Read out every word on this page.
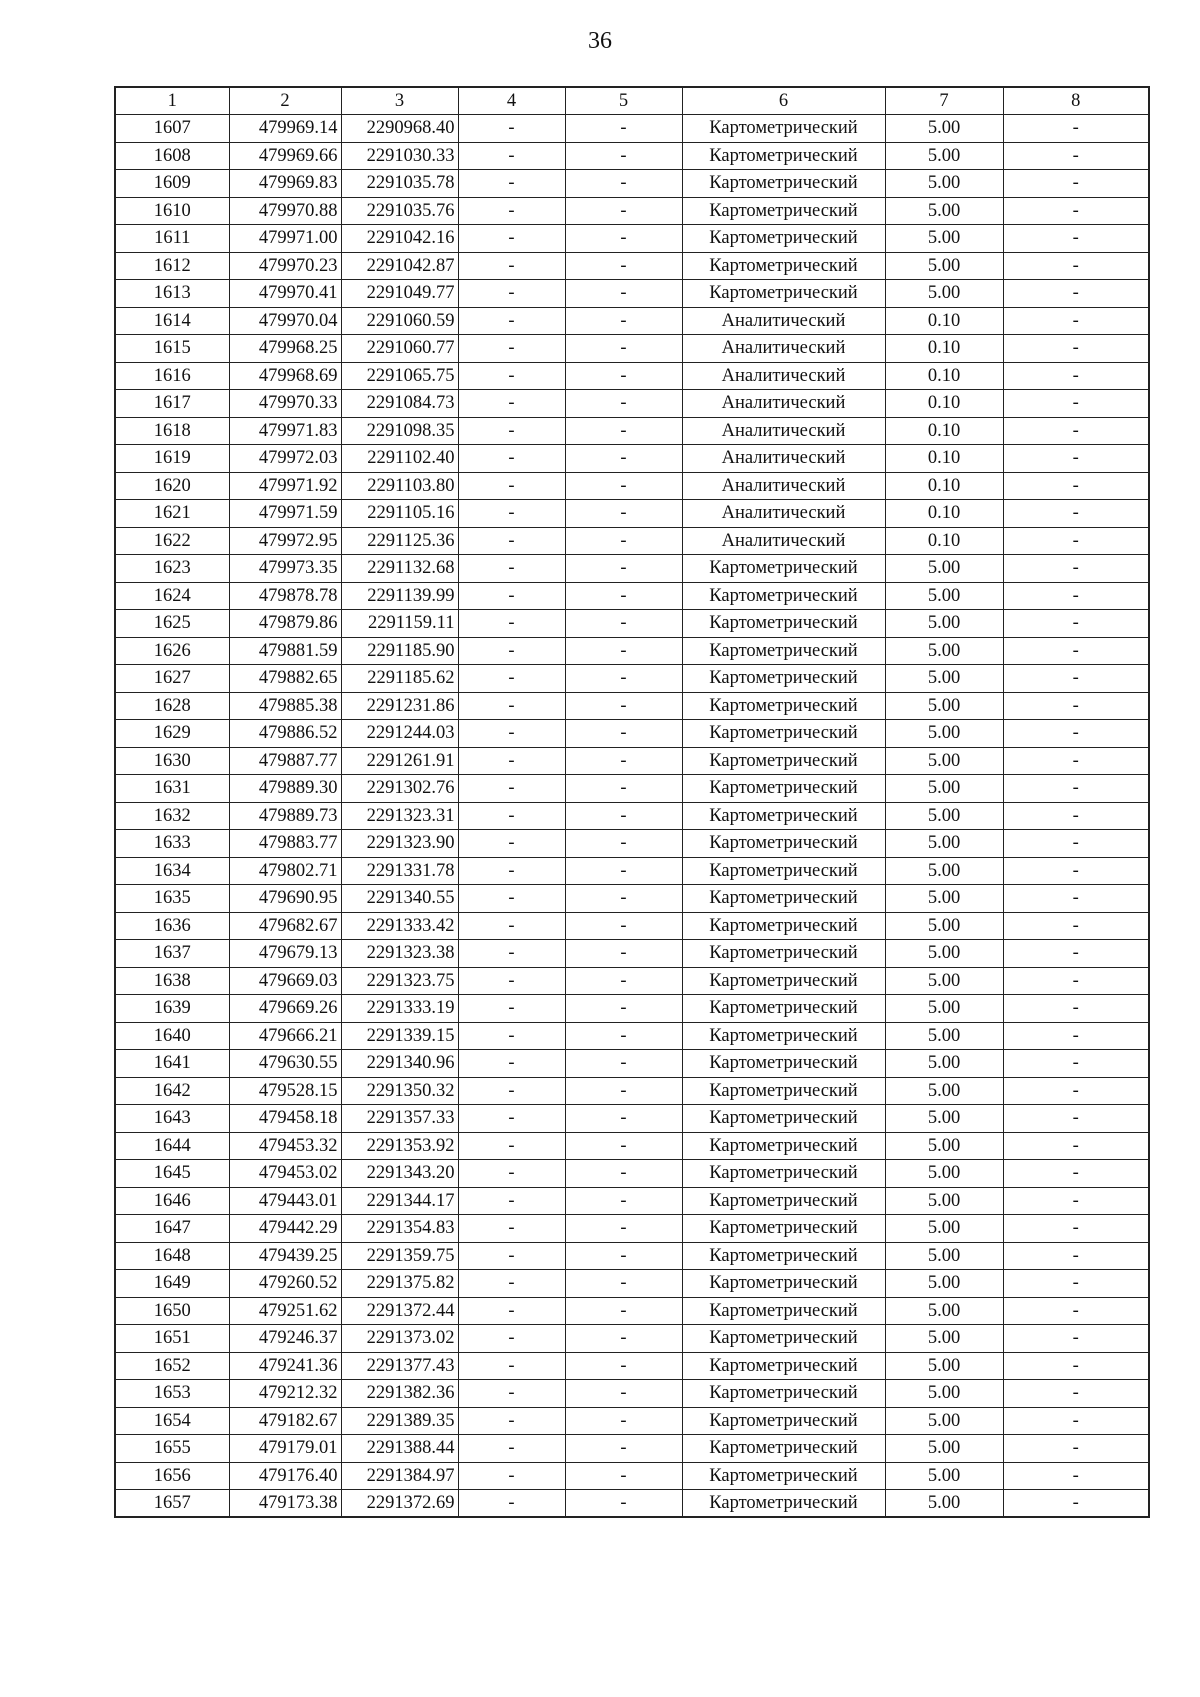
36
1	2	3	4	5	6	7	8
1607	479969.14	2290968.40	-	-	Картометрический	5.00	-
1608	479969.66	2291030.33	-	-	Картометрический	5.00	-
1609	479969.83	2291035.78	-	-	Картометрический	5.00	-
1610	479970.88	2291035.76	-	-	Картометрический	5.00	-
1611	479971.00	2291042.16	-	-	Картометрический	5.00	-
1612	479970.23	2291042.87	-	-	Картометрический	5.00	-
1613	479970.41	2291049.77	-	-	Картометрический	5.00	-
1614	479970.04	2291060.59	-	-	Аналитический	0.10	-
1615	479968.25	2291060.77	-	-	Аналитический	0.10	-
1616	479968.69	2291065.75	-	-	Аналитический	0.10	-
1617	479970.33	2291084.73	-	-	Аналитический	0.10	-
1618	479971.83	2291098.35	-	-	Аналитический	0.10	-
1619	479972.03	2291102.40	-	-	Аналитический	0.10	-
1620	479971.92	2291103.80	-	-	Аналитический	0.10	-
1621	479971.59	2291105.16	-	-	Аналитический	0.10	-
1622	479972.95	2291125.36	-	-	Аналитический	0.10	-
1623	479973.35	2291132.68	-	-	Картометрический	5.00	-
1624	479878.78	2291139.99	-	-	Картометрический	5.00	-
1625	479879.86	2291159.11	-	-	Картометрический	5.00	-
1626	479881.59	2291185.90	-	-	Картометрический	5.00	-
1627	479882.65	2291185.62	-	-	Картометрический	5.00	-
1628	479885.38	2291231.86	-	-	Картометрический	5.00	-
1629	479886.52	2291244.03	-	-	Картометрический	5.00	-
1630	479887.77	2291261.91	-	-	Картометрический	5.00	-
1631	479889.30	2291302.76	-	-	Картометрический	5.00	-
1632	479889.73	2291323.31	-	-	Картометрический	5.00	-
1633	479883.77	2291323.90	-	-	Картометрический	5.00	-
1634	479802.71	2291331.78	-	-	Картометрический	5.00	-
1635	479690.95	2291340.55	-	-	Картометрический	5.00	-
1636	479682.67	2291333.42	-	-	Картометрический	5.00	-
1637	479679.13	2291323.38	-	-	Картометрический	5.00	-
1638	479669.03	2291323.75	-	-	Картометрический	5.00	-
1639	479669.26	2291333.19	-	-	Картометрический	5.00	-
1640	479666.21	2291339.15	-	-	Картометрический	5.00	-
1641	479630.55	2291340.96	-	-	Картометрический	5.00	-
1642	479528.15	2291350.32	-	-	Картометрический	5.00	-
1643	479458.18	2291357.33	-	-	Картометрический	5.00	-
1644	479453.32	2291353.92	-	-	Картометрический	5.00	-
1645	479453.02	2291343.20	-	-	Картометрический	5.00	-
1646	479443.01	2291344.17	-	-	Картометрический	5.00	-
1647	479442.29	2291354.83	-	-	Картометрический	5.00	-
1648	479439.25	2291359.75	-	-	Картометрический	5.00	-
1649	479260.52	2291375.82	-	-	Картометрический	5.00	-
1650	479251.62	2291372.44	-	-	Картометрический	5.00	-
1651	479246.37	2291373.02	-	-	Картометрический	5.00	-
1652	479241.36	2291377.43	-	-	Картометрический	5.00	-
1653	479212.32	2291382.36	-	-	Картометрический	5.00	-
1654	479182.67	2291389.35	-	-	Картометрический	5.00	-
1655	479179.01	2291388.44	-	-	Картометрический	5.00	-
1656	479176.40	2291384.97	-	-	Картометрический	5.00	-
1657	479173.38	2291372.69	-	-	Картометрический	5.00	-
